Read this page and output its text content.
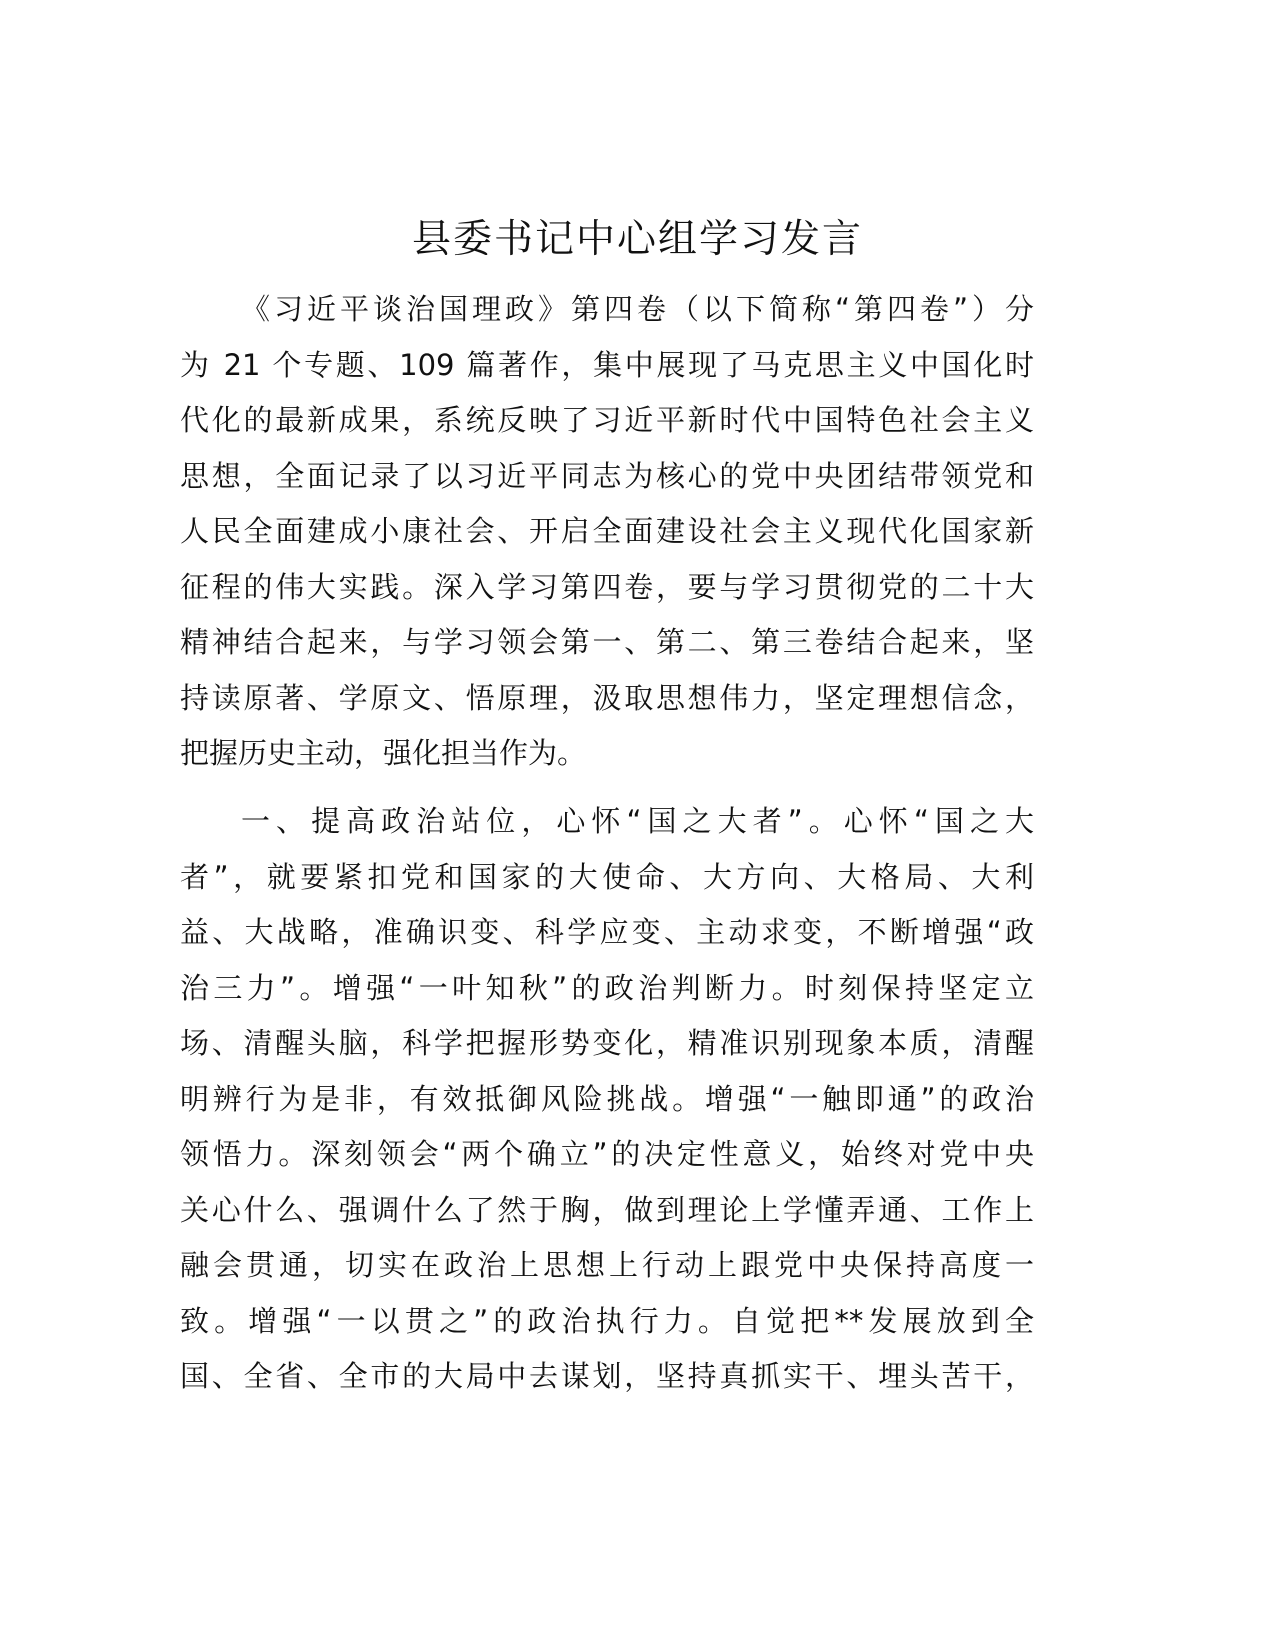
县委书记中心组学习发言
《习近平谈治国理政》第四卷（以下简称“第四卷”）分
为 21 个专题、109 篇著作，集中展现了马克思主义中国化时
代化的最新成果，系统反映了习近平新时代中国特色社会主义
思想，全面记录了以习近平同志为核心的党中央团结带领党和
人民全面建成小康社会、开启全面建设社会主义现代化国家新
征程的伟大实践。深入学习第四卷，要与学习贯彻党的二十大
精神结合起来，与学习领会第一、第二、第三卷结合起来，坚
持读原著、学原文、悟原理，汲取思想伟力，坚定理想信念，
把握历史主动，强化担当作为。
一、提高政治站位，心怀“国之大者”。心怀“国之大
者”，就要紧扣党和国家的大使命、大方向、大格局、大利
益、大战略，准确识变、科学应变、主动求变，不断增强“政
治三力”。增强“一叶知秋”的政治判断力。时刻保持坚定立
场、清醒头脑，科学把握形势变化，精准识别现象本质，清醒
明辨行为是非，有效抵御风险挑战。增强“一触即通”的政治
领悟力。深刻领会“两个确立”的决定性意义，始终对党中央
关心什么、强调什么了然于胸，做到理论上学懂弄通、工作上
融会贯通，切实在政治上思想上行动上跟党中央保持高度一
致。增强“一以贯之”的政治执行力。自觉把**发展放到全
国、全省、全市的大局中去谋划，坚持真抓实干、埋头苦干，
